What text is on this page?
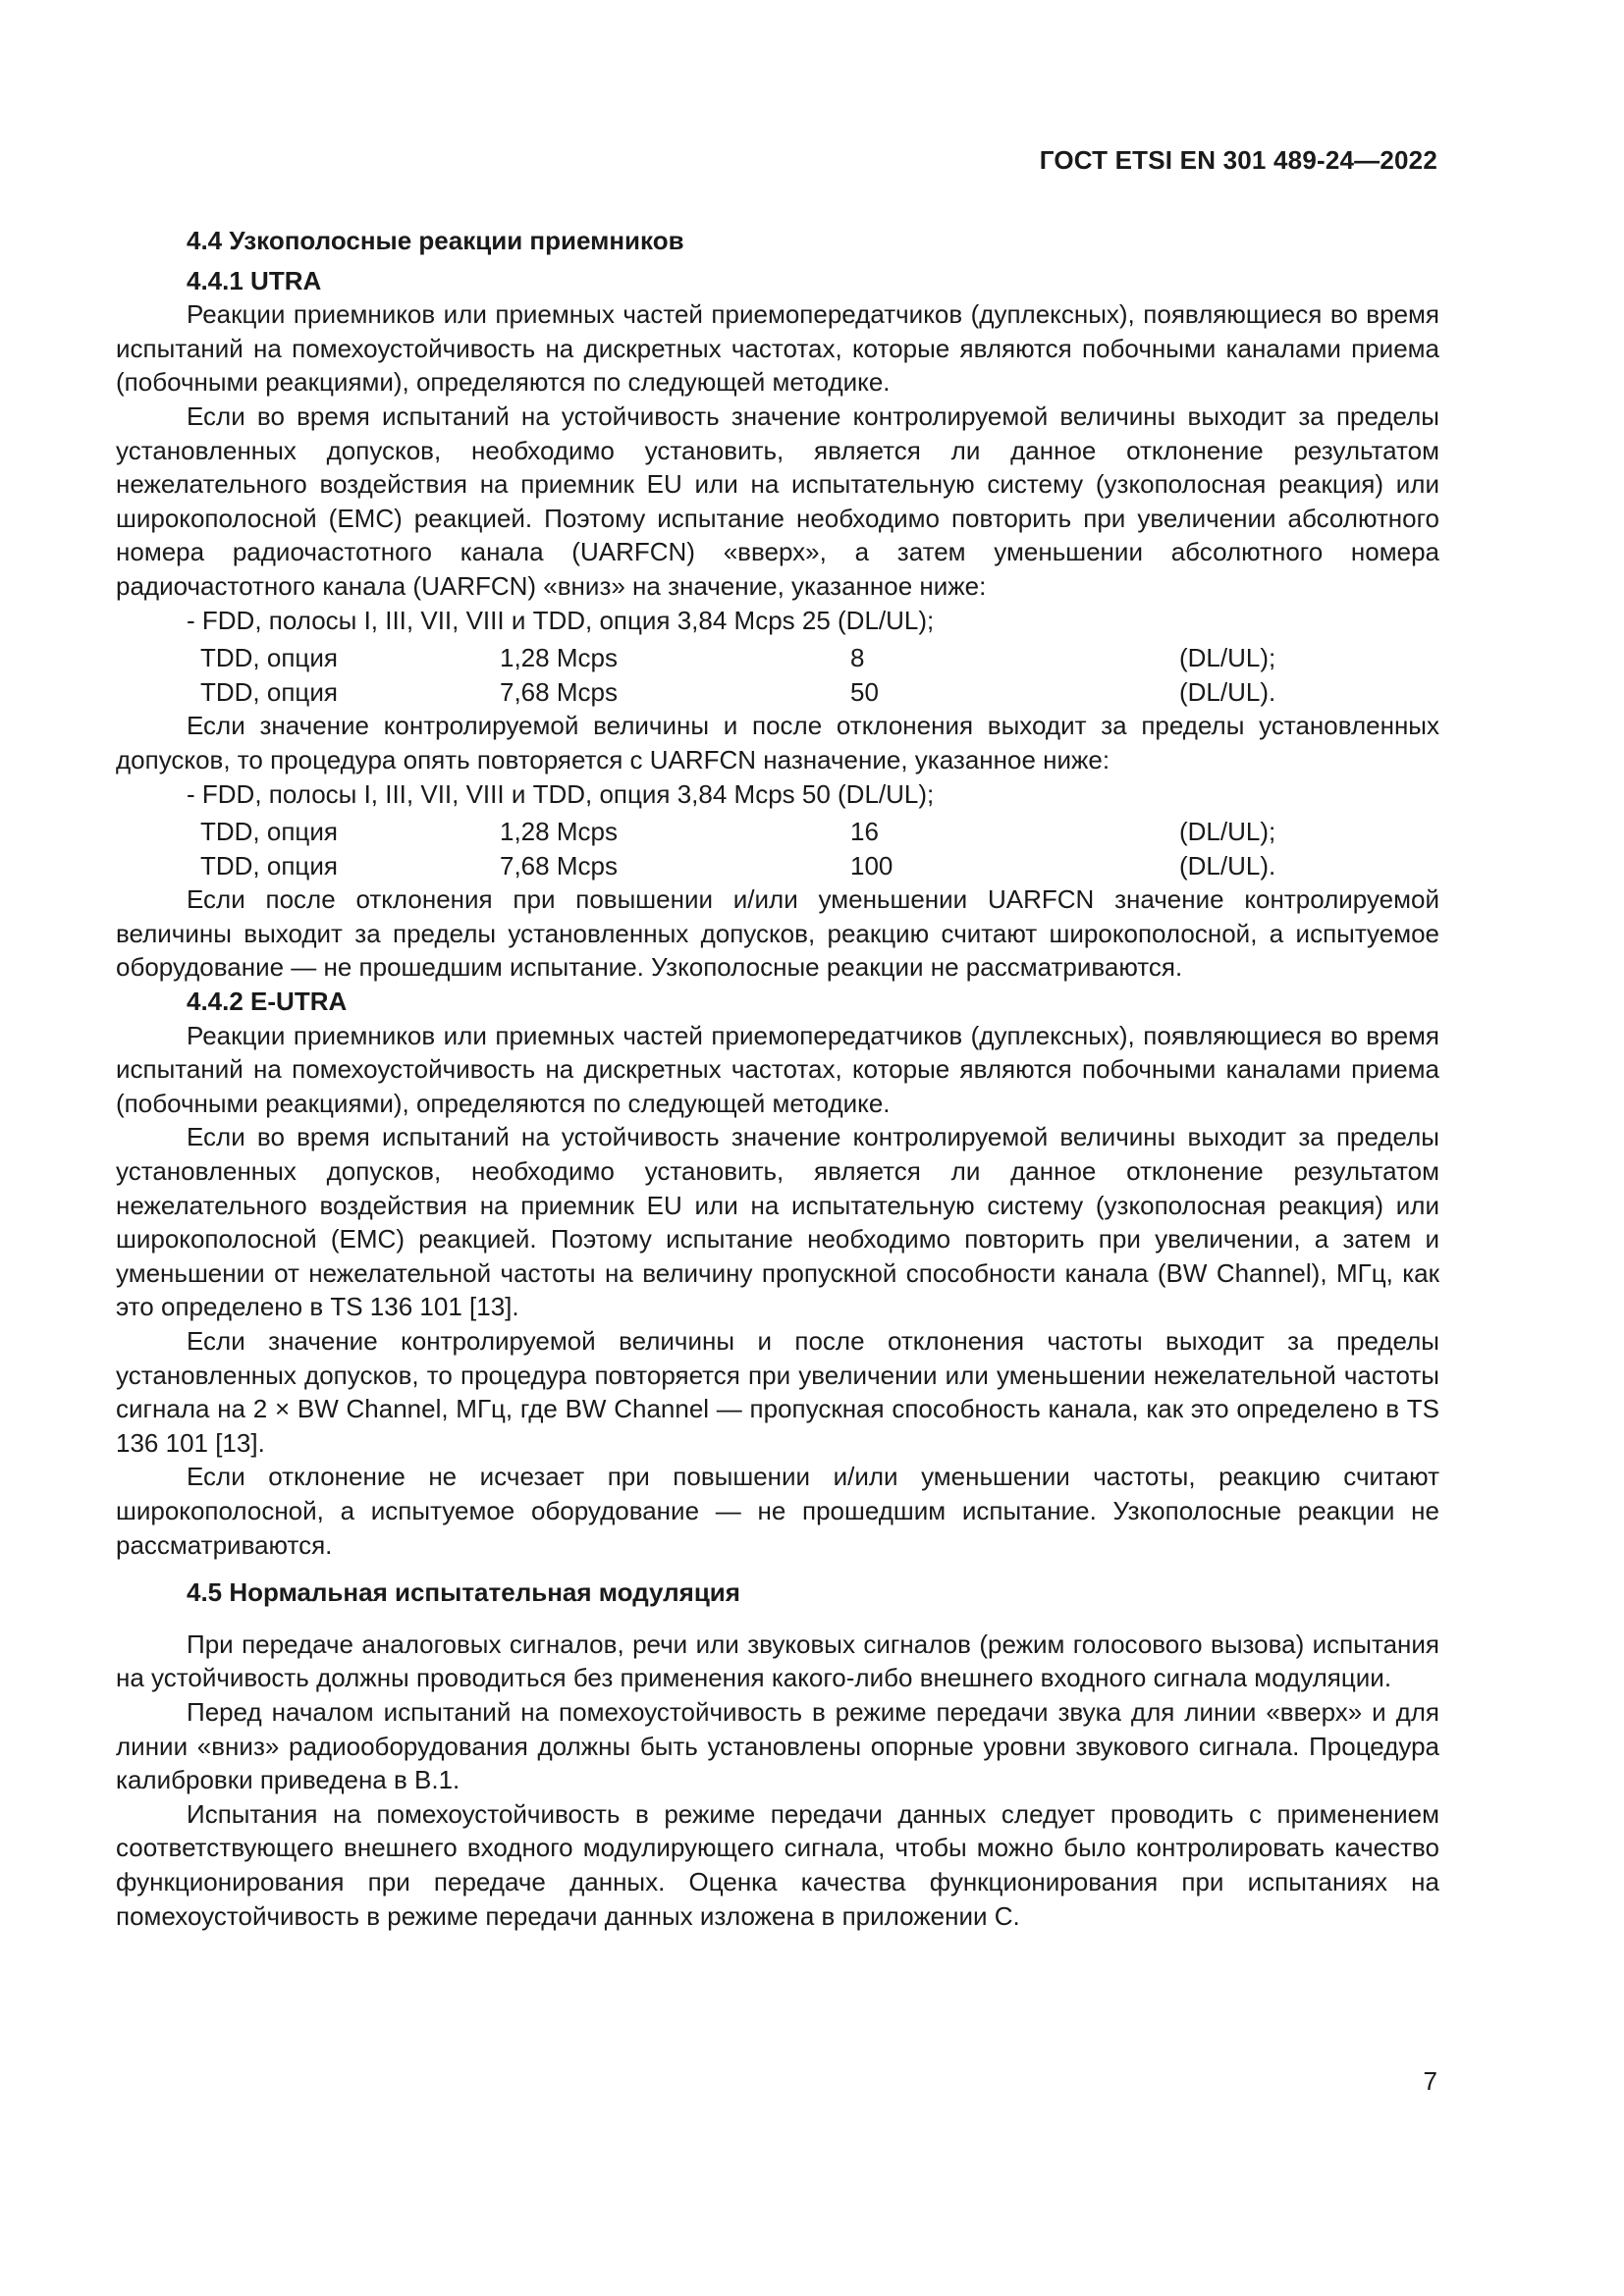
ГОСТ ETSI EN 301 489-24—2022

4.4 Узкополосные реакции приемников

4.4.1 UTRA

Реакции приемников или приемных частей приемопередатчиков (дуплексных), появляющиеся во время испытаний на помехоустойчивость на дискретных частотах, которые являются побочными каналами приема (побочными реакциями), определяются по следующей методике.

Если во время испытаний на устойчивость значение контролируемой величины выходит за пределы установленных допусков, необходимо установить, является ли данное отклонение результатом нежелательного воздействия на приемник EU или на испытательную систему (узкополосная реакция) или широкополосной (ЕМС) реакцией. Поэтому испытание необходимо повторить при увеличении абсолютного номера радиочастотного канала (UARFCN) «вверх», а затем уменьшении абсолютного номера радиочастотного канала (UARFCN) «вниз» на значение, указанное ниже:

- FDD, полосы I, III, VII, VIII и TDD, опция 3,84 Mcps 25 (DL/UL);

TDD, опция	1,28 Mcps	8	(DL/UL);
TDD, опция	7,68 Mcps	50	(DL/UL).

Если значение контролируемой величины и после отклонения выходит за пределы установленных допусков, то процедура опять повторяется с UARFCN назначение, указанное ниже:

- FDD, полосы I, III, VII, VIII и TDD, опция 3,84 Mcps 50 (DL/UL);

TDD, опция	1,28 Mcps	16	(DL/UL);
TDD, опция	7,68 Mcps	100	(DL/UL).

Если после отклонения при повышении и/или уменьшении UARFCN значение контролируемой величины выходит за пределы установленных допусков, реакцию считают широкополосной, а испытуемое оборудование — не прошедшим испытание. Узкополосные реакции не рассматриваются.

4.4.2 E-UTRA

Реакции приемников или приемных частей приемопередатчиков (дуплексных), появляющиеся во время испытаний на помехоустойчивость на дискретных частотах, которые являются побочными каналами приема (побочными реакциями), определяются по следующей методике.

Если во время испытаний на устойчивость значение контролируемой величины выходит за пределы установленных допусков, необходимо установить, является ли данное отклонение результатом нежелательного воздействия на приемник EU или на испытательную систему (узкополосная реакция) или широкополосной (ЕМС) реакцией. Поэтому испытание необходимо повторить при увеличении, а затем и уменьшении от нежелательной частоты на величину пропускной способности канала (BW Channel), МГц, как это определено в TS 136 101 [13].

Если значение контролируемой величины и после отклонения частоты выходит за пределы установленных допусков, то процедура повторяется при увеличении или уменьшении нежелательной частоты сигнала на 2 × BW Channel, МГц, где BW Channel — пропускная способность канала, как это определено в TS 136 101 [13].

Если отклонение не исчезает при повышении и/или уменьшении частоты, реакцию считают широкополосной, а испытуемое оборудование — не прошедшим испытание. Узкополосные реакции не рассматриваются.

4.5 Нормальная испытательная модуляция

При передаче аналоговых сигналов, речи или звуковых сигналов (режим голосового вызова) испытания на устойчивость должны проводиться без применения какого-либо внешнего входного сигнала модуляции.

Перед началом испытаний на помехоустойчивость в режиме передачи звука для линии «вверх» и для линии «вниз» радиооборудования должны быть установлены опорные уровни звукового сигнала. Процедура калибровки приведена в В.1.

Испытания на помехоустойчивость в режиме передачи данных следует проводить с применением соответствующего внешнего входного модулирующего сигнала, чтобы можно было контролировать качество функционирования при передаче данных. Оценка качества функционирования при испытаниях на помехоустойчивость в режиме передачи данных изложена в приложении С.

7
